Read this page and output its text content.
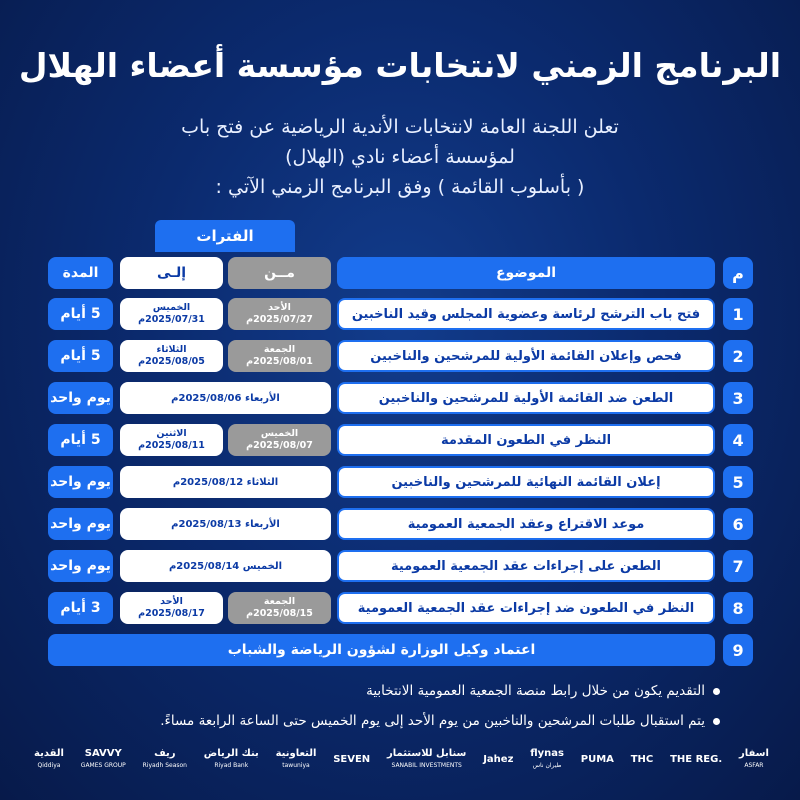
البرنامج الزمني لانتخابات مؤسسة أعضاء الهلال
تعلن اللجنة العامة لانتخابات الأندية الرياضية عن فتح باب
لمؤسسة أعضاء نادي (الهلال)
( بأسلوب القائمة ) وفق البرنامج الزمني الآتي :
الفترات
م
الموضوع
مــن
إلـى
المدة
1
فتح باب الترشح لرئاسة وعضوية المجلس وقيد الناخبين
الأحد
2025/07/27م
الخميس
2025/07/31م
5 أيام
2
فحص وإعلان القائمة الأولية للمرشحين والناخبين
الجمعة
2025/08/01م
الثلاثاء
2025/08/05م
5 أيام
3
الطعن ضد القائمة الأولية للمرشحين والناخبين
الأربعاء 2025/08/06م
يوم واحد
4
النظر في الطعون المقدمة
الخميس
2025/08/07م
الاثنين
2025/08/11م
5 أيام
5
إعلان القائمة النهائية للمرشحين والناخبين
الثلاثاء 2025/08/12م
يوم واحد
6
موعد الاقتراع وعقد الجمعية العمومية
الأربعاء 2025/08/13م
يوم واحد
7
الطعن على إجراءات عقد الجمعية العمومية
الخميس 2025/08/14م
يوم واحد
8
النظر في الطعون ضد إجراءات عقد الجمعية العمومية
الجمعة
2025/08/15م
الأحد
2025/08/17م
3 أيام
9
اعتماد وكيل الوزارة لشؤون الرياضة والشباب
التقديم يكون من خلال رابط منصة الجمعية العمومية الانتخابية
يتم استقبال طلبات المرشحين والناخبين من يوم الأحد إلى يوم الخميس حتى الساعة الرابعة مساءً.
القدية
Qiddiya
SAVVY
GAMES GROUP
ريف
Riyadh Season
بنك الرياض
Riyad Bank
التعاونية
tawuniya
SEVEN
سنابل للاستثمار
SANABIL INVESTMENTS
Jahez
flynas
طيران ناس
PUMA THC THE REG.
اسفار
ASFAR
